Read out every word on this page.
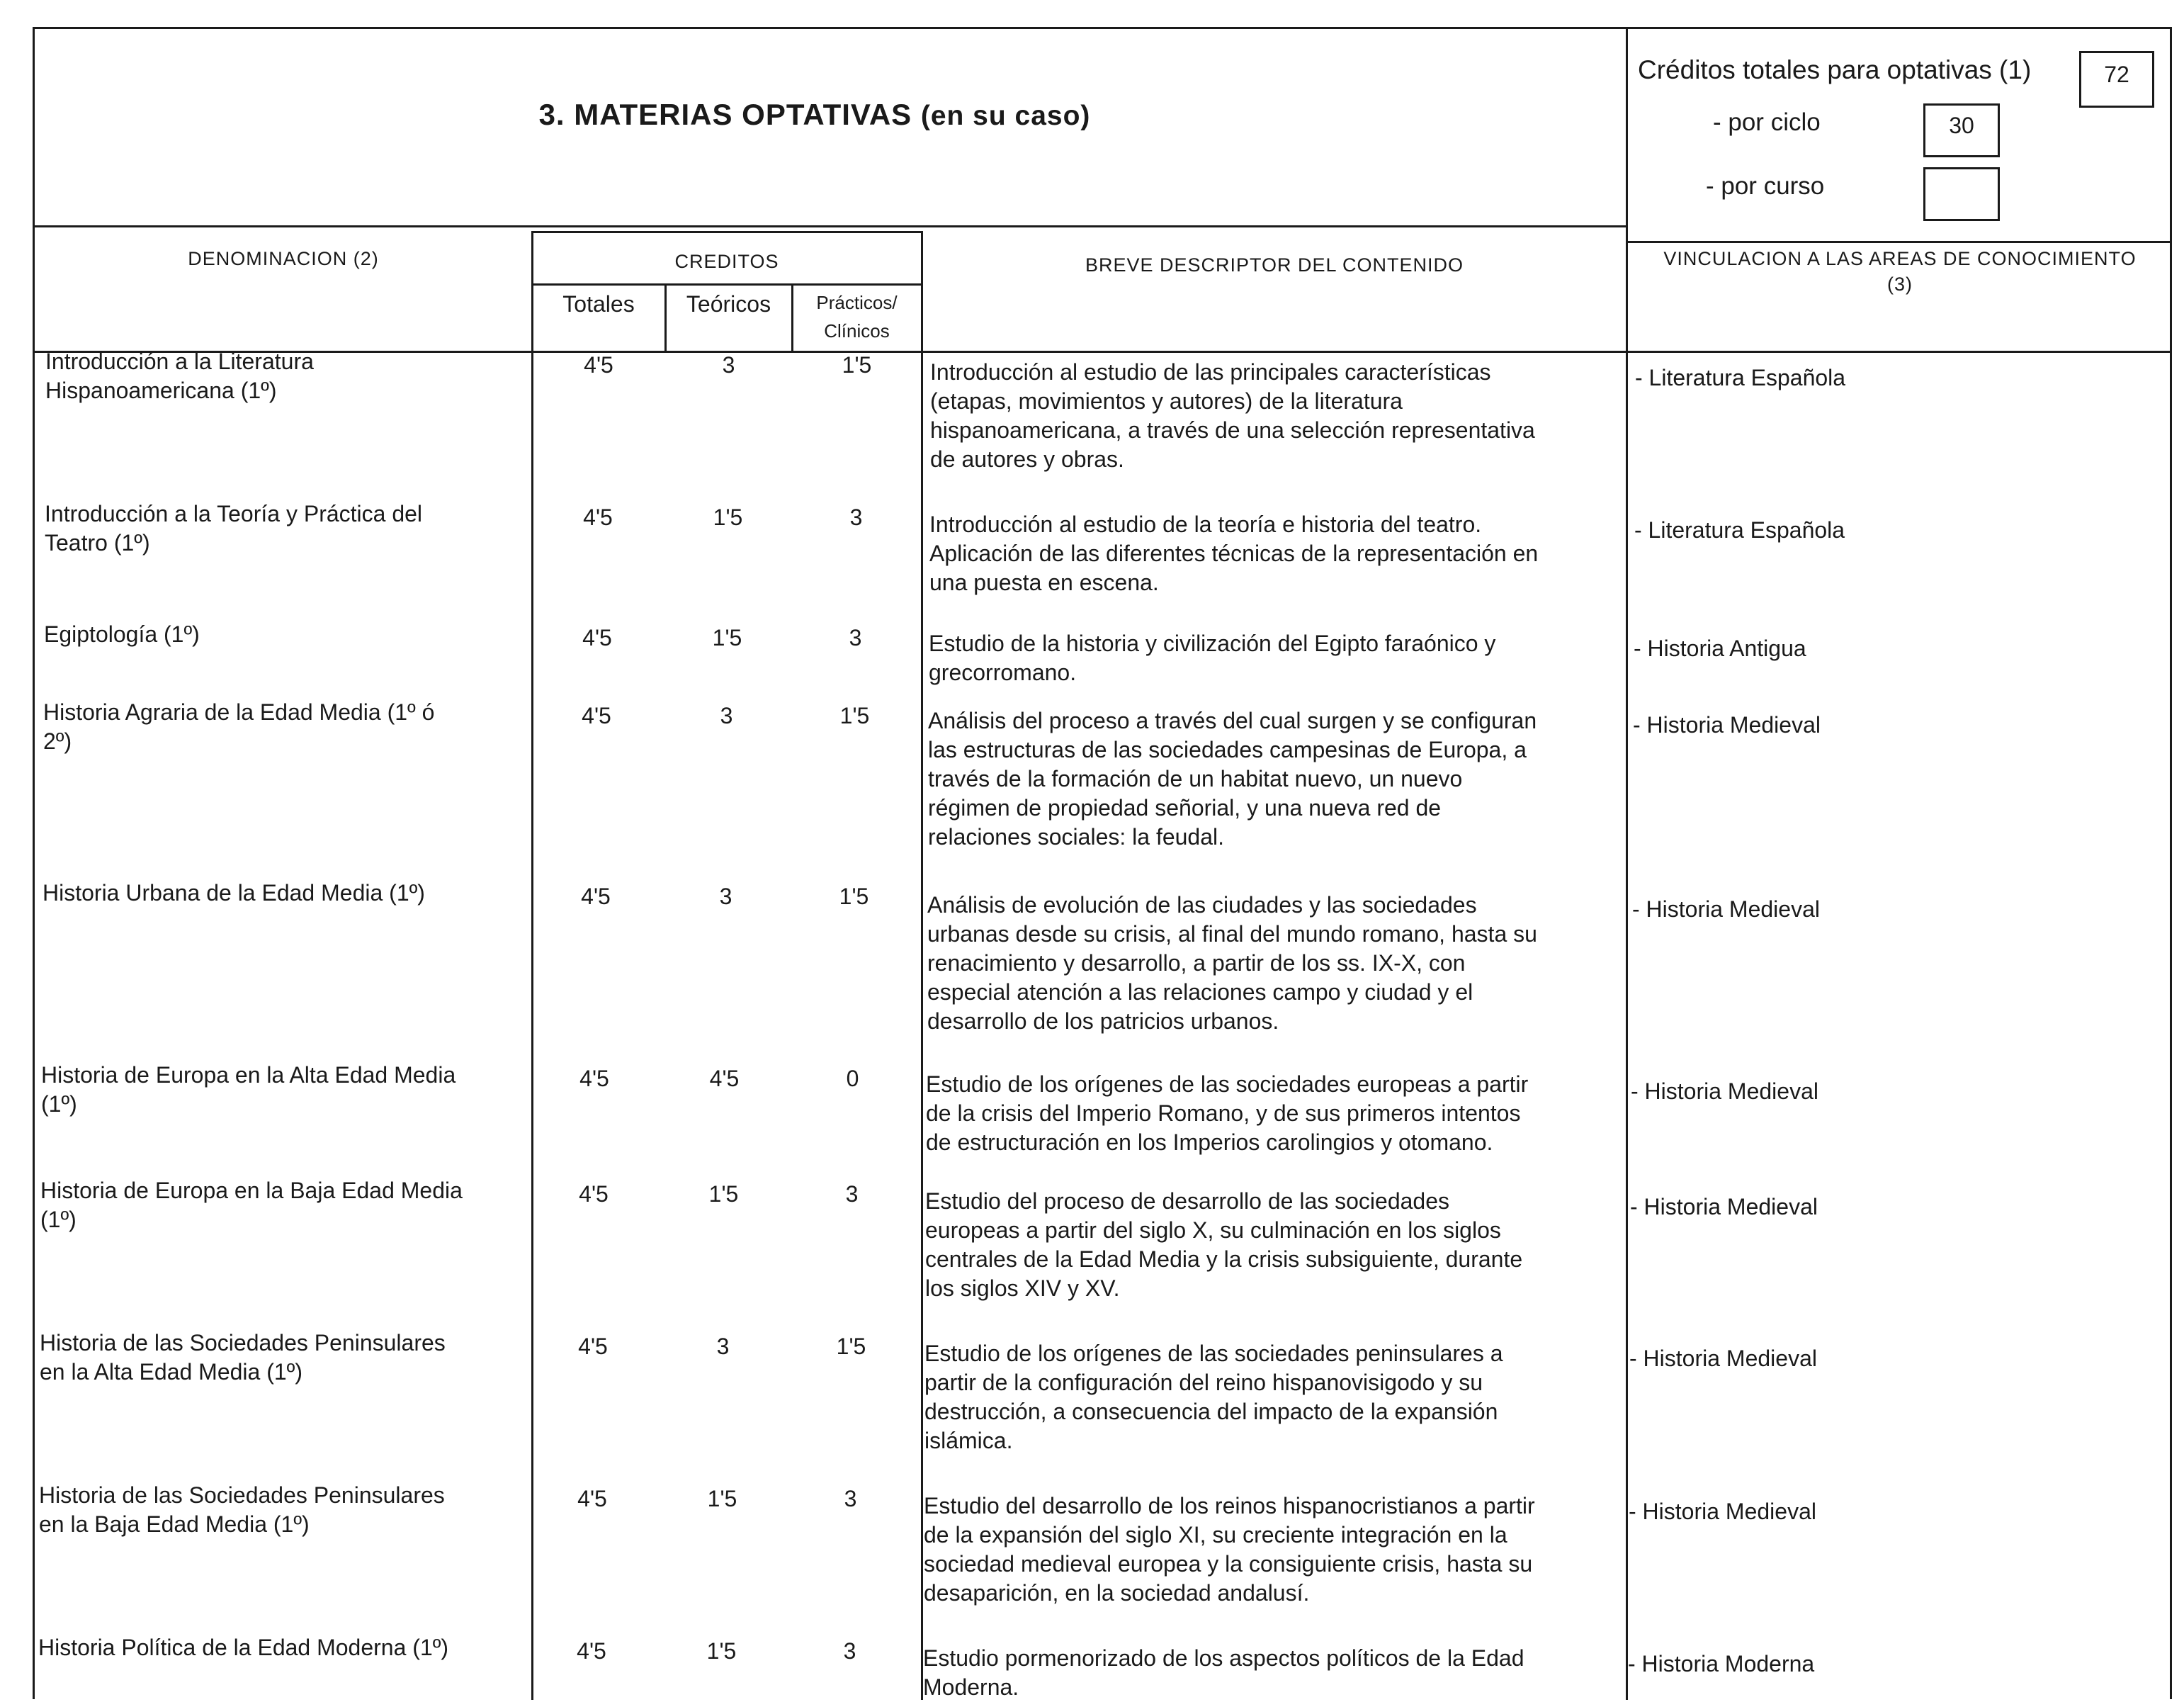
3. MATERIAS OPTATIVAS (en su caso)
Créditos totales para optativas (1)	72
- por ciclo	30
- por curso
DENOMINACION (2)	CREDITOS
Totales	Teóricos	Prácticos/
Clínicos
BREVE DESCRIPTOR DEL CONTENIDO	VINCULACION A LAS AREAS DE CONOCIMIENTO
(3)
Introducción a la Literatura
Hispanoamericana (1º)
4'5	3	1'5	Introducción al estudio de las principales características
(etapas, movimientos y autores) de la literatura
hispanoamericana, a través de una selección representativa
de autores y obras.
- Literatura Española
Introducción a la Teoría y Práctica del
Teatro (1º)
4'5	1'5	3	Introducción al estudio de la teoría e historia del teatro.
Aplicación de las diferentes técnicas de la representación en
una puesta en escena.
- Literatura Española
Egiptología (1º)	4'5	1'5	3	Estudio de la historia y civilización del Egipto faraónico y
grecorromano.
- Historia Antigua
Historia Agraria de la Edad Media (1º ó
2º)
4'5	3	1'5	Análisis del proceso a través del cual surgen y se configuran
las estructuras de las sociedades campesinas de Europa, a
través de la formación de un habitat nuevo, un nuevo
régimen de propiedad señorial, y una nueva red de
relaciones sociales: la feudal.
- Historia Medieval
Historia Urbana de la Edad Media (1º)	4'5	3	1'5	Análisis de evolución de las ciudades y las sociedades
urbanas desde su crisis, al final del mundo romano, hasta su
renacimiento y desarrollo, a partir de los ss. IX-X, con
especial atención a las relaciones campo y ciudad y el
desarrollo de los patricios urbanos.
- Historia Medieval
Historia de Europa en la Alta Edad Media
(1º)
4'5	4'5	0	Estudio de los orígenes de las sociedades europeas a partir
de la crisis del Imperio Romano, y de sus primeros intentos
de estructuración en los Imperios carolingios y otomano.
- Historia Medieval
Historia de Europa en la Baja Edad Media
(1º)
4'5	1'5	3	Estudio del proceso de desarrollo de las sociedades
europeas a partir del siglo X, su culminación en los siglos
centrales de la Edad Media y la crisis subsiguiente, durante
los siglos XIV y XV.
- Historia Medieval
Historia de las Sociedades Peninsulares
en la Alta Edad Media (1º)
4'5	3	1'5	Estudio de los orígenes de las sociedades peninsulares a
partir de la configuración del reino hispanovisigodo y su
destrucción, a consecuencia del impacto de la expansión
islámica.
- Historia Medieval
Historia de las Sociedades Peninsulares
en la Baja Edad Media (1º)
4'5	1'5	3	Estudio del desarrollo de los reinos hispanocristianos a partir
de la expansión del siglo XI, su creciente integración en la
sociedad medieval europea y la consiguiente crisis, hasta su
desaparición, en la sociedad andalusí.
- Historia Medieval
Historia Política de la Edad Moderna (1º)	4'5	1'5	3	Estudio pormenorizado de los aspectos políticos de la Edad
Moderna.
- Historia Moderna
